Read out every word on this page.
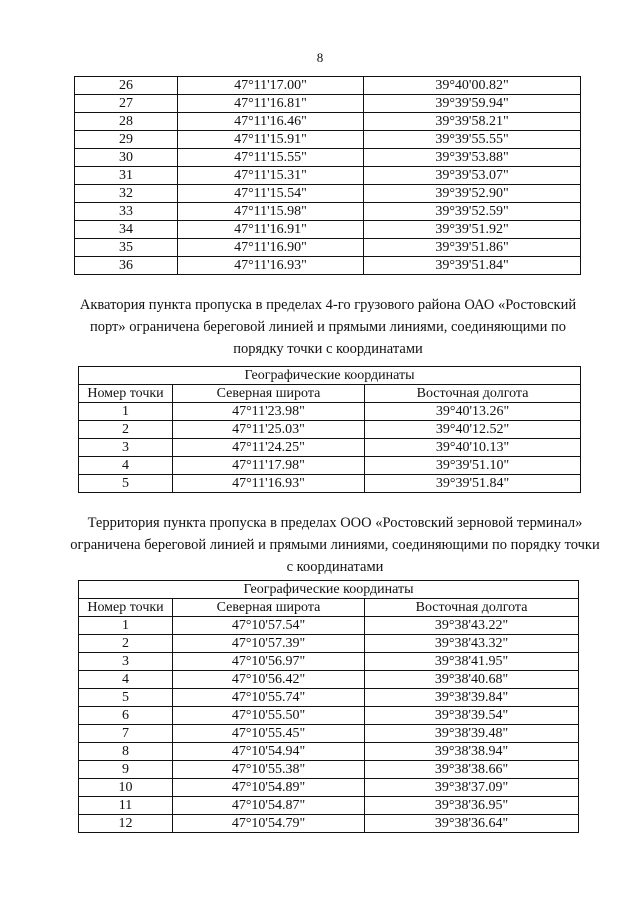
8
26	47°11'17.00"	39°40'00.82"
27	47°11'16.81"	39°39'59.94"
28	47°11'16.46"	39°39'58.21"
29	47°11'15.91"	39°39'55.55"
30	47°11'15.55"	39°39'53.88"
31	47°11'15.31"	39°39'53.07"
32	47°11'15.54"	39°39'52.90"
33	47°11'15.98"	39°39'52.59"
34	47°11'16.91"	39°39'51.92"
35	47°11'16.90"	39°39'51.86"
36	47°11'16.93"	39°39'51.84"
Акватория пункта пропуска в пределах 4-го грузового района ОАО «Ростовский порт» ограничена береговой линией и прямыми линиями, соединяющими по порядку точки с координатами
Географические координаты		
Номер точки	Северная широта	Восточная долгота
1	47°11'23.98"	39°40'13.26"
2	47°11'25.03"	39°40'12.52"
3	47°11'24.25"	39°40'10.13"
4	47°11'17.98"	39°39'51.10"
5	47°11'16.93"	39°39'51.84"
Территория пункта пропуска в пределах ООО «Ростовский зерновой терминал» ограничена береговой линией и прямыми линиями, соединяющими по порядку точки с координатами
Географические координаты		
Номер точки	Северная широта	Восточная долгота
1	47°10'57.54"	39°38'43.22"
2	47°10'57.39"	39°38'43.32"
3	47°10'56.97"	39°38'41.95"
4	47°10'56.42"	39°38'40.68"
5	47°10'55.74"	39°38'39.84"
6	47°10'55.50"	39°38'39.54"
7	47°10'55.45"	39°38'39.48"
8	47°10'54.94"	39°38'38.94"
9	47°10'55.38"	39°38'38.66"
10	47°10'54.89"	39°38'37.09"
11	47°10'54.87"	39°38'36.95"
12	47°10'54.79"	39°38'36.64"
